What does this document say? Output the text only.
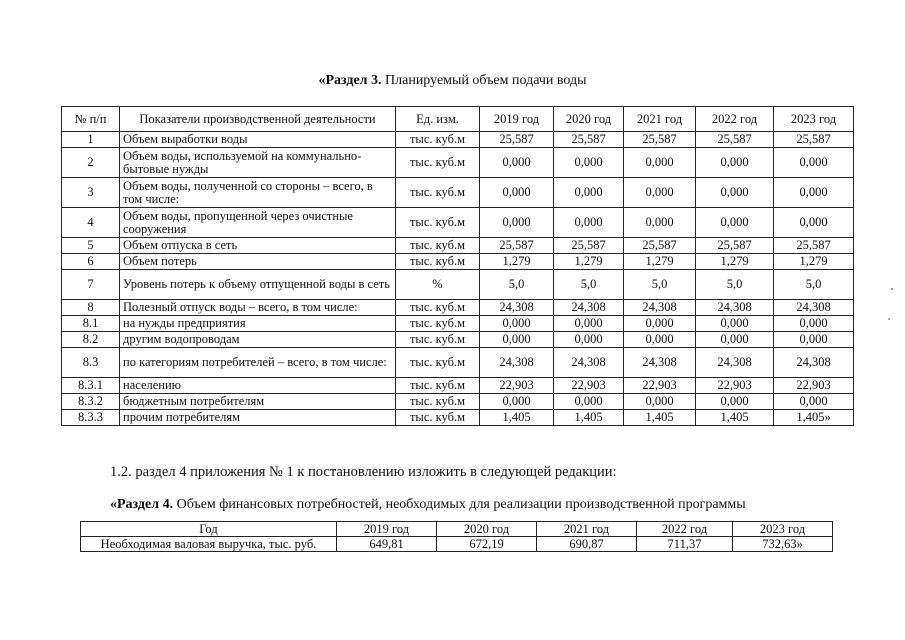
«Раздел 3. Планируемый объем подачи воды
№ п/п	Показатели производственной деятельности	Ед. изм.	2019 год	2020 год	2021 год	2022 год	2023 год
1	Объем выработки воды	тыс. куб.м	25,587	25,587	25,587	25,587	25,587
2	Объем воды, используемой на коммунально-бытовые нужды	тыс. куб.м	0,000	0,000	0,000	0,000	0,000
3	Объем воды, полученной со стороны – всего, в том числе:	тыс. куб.м	0,000	0,000	0,000	0,000	0,000
4	Объем воды, пропущенной через очистные сооружения	тыс. куб.м	0,000	0,000	0,000	0,000	0,000
5	Объем отпуска в сеть	тыс. куб.м	25,587	25,587	25,587	25,587	25,587
6	Объем потерь	тыс. куб.м	1,279	1,279	1,279	1,279	1,279
7	Уровень потерь к объему отпущенной воды в сеть	%	5,0	5,0	5,0	5,0	5,0
8	Полезный отпуск воды – всего, в том числе:	тыс. куб.м	24,308	24,308	24,308	24,308	24,308
8.1	на нужды предприятия	тыс. куб.м	0,000	0,000	0,000	0,000	0,000
8.2	другим водопроводам	тыс. куб.м	0,000	0,000	0,000	0,000	0,000
8.3	по категориям потребителей – всего, в том числе:	тыс. куб.м	24,308	24,308	24,308	24,308	24,308
8.3.1	населению	тыс. куб.м	22,903	22,903	22,903	22,903	22,903
8.3.2	бюджетным потребителям	тыс. куб.м	0,000	0,000	0,000	0,000	0,000
8.3.3	прочим потребителям	тыс. куб.м	1,405	1,405	1,405	1,405	1,405»
1.2. раздел 4 приложения № 1 к постановлению изложить в следующей редакции:
«Раздел 4. Объем финансовых потребностей, необходимых для реализации производственной программы
Год	2019 год	2020 год	2021 год	2022 год	2023 год
Необходимая валовая выручка, тыс. руб.	649,81	672,19	690,87	711,37	732,63»
